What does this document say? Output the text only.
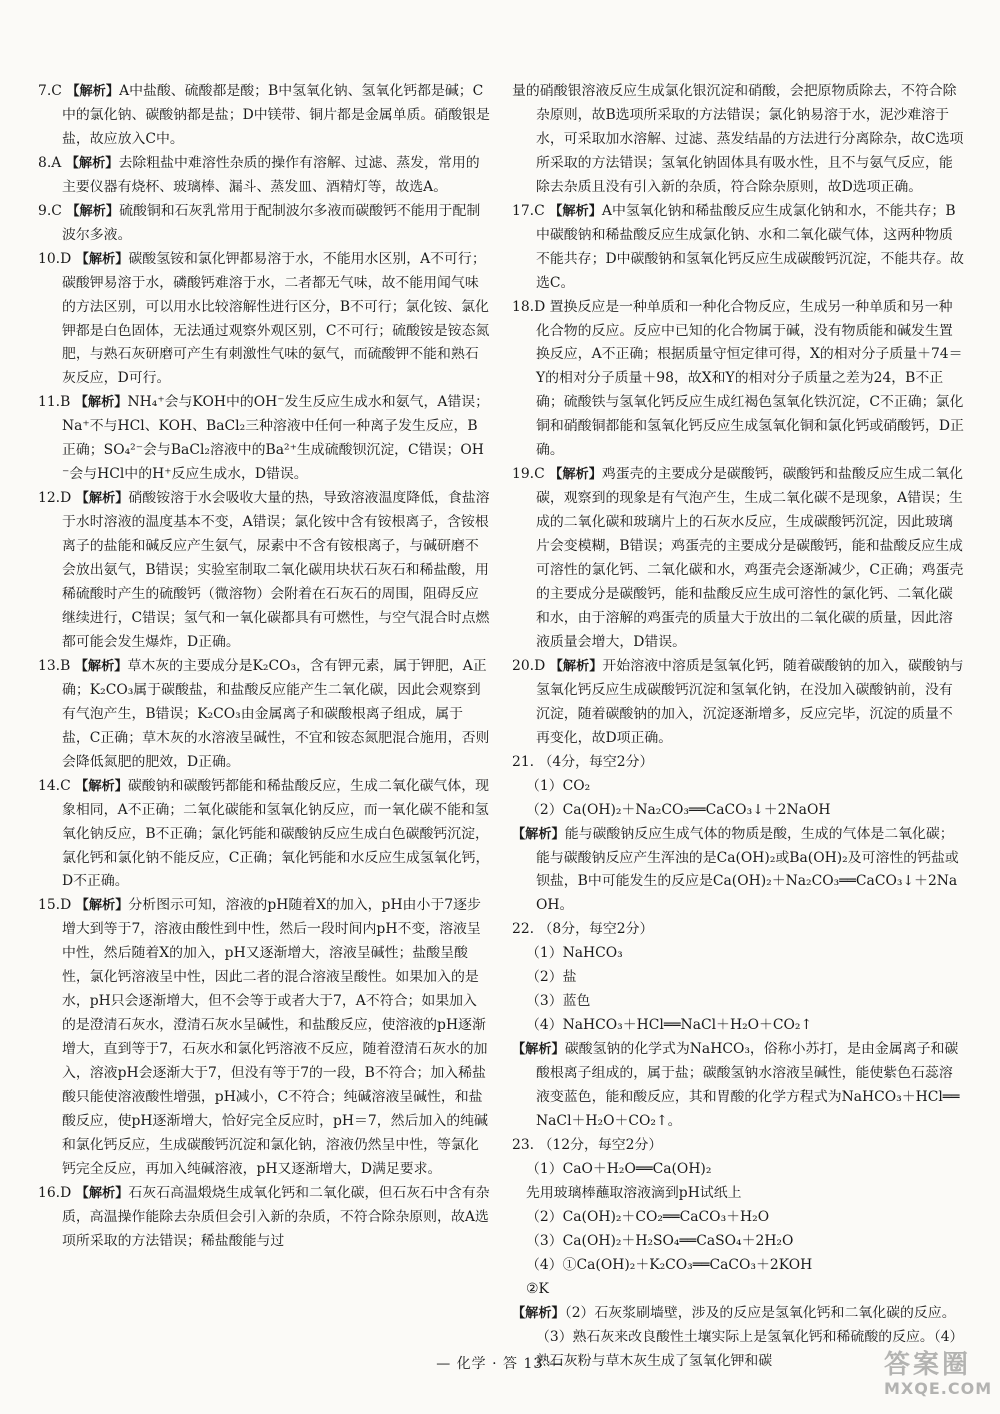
7.C 【解析】A中盐酸、硫酸都是酸；B中氢氧化钠、氢氧化钙都是碱；C中的氯化钠、碳酸钠都是盐；D中镁带、铜片都是金属单质。硝酸银是盐，故应放入C中。
8.A 【解析】去除粗盐中难溶性杂质的操作有溶解、过滤、蒸发，常用的主要仪器有烧杯、玻璃棒、漏斗、蒸发皿、酒精灯等，故选A。
9.C 【解析】硫酸铜和石灰乳常用于配制波尔多液而碳酸钙不能用于配制波尔多液。
10.D 【解析】碳酸氢铵和氯化钾都易溶于水，不能用水区别，A不可行；碳酸钾易溶于水，磷酸钙难溶于水，二者都无气味，故不能用闻气味的方法区别，可以用水比较溶解性进行区分，B不可行；氯化铵、氯化钾都是白色固体，无法通过观察外观区别，C不可行；硫酸铵是铵态氮肥，与熟石灰研磨可产生有刺激性气味的氨气，而硫酸钾不能和熟石灰反应，D可行。
11.B 【解析】NH₄⁺会与KOH中的OH⁻发生反应生成水和氨气，A错误；Na⁺不与HCl、KOH、BaCl₂三种溶液中任何一种离子发生反应，B正确；SO₄²⁻会与BaCl₂溶液中的Ba²⁺生成硫酸钡沉淀，C错误；OH⁻会与HCl中的H⁺反应生成水，D错误。
12.D 【解析】硝酸铵溶于水会吸收大量的热，导致溶液温度降低，食盐溶于水时溶液的温度基本不变，A错误；氯化铵中含有铵根离子，含铵根离子的盐能和碱反应产生氨气，尿素中不含有铵根离子，与碱研磨不会放出氨气，B错误；实验室制取二氧化碳用块状石灰石和稀盐酸，用稀硫酸时产生的硫酸钙（微溶物）会附着在石灰石的周围，阻碍反应继续进行，C错误；氢气和一氧化碳都具有可燃性，与空气混合时点燃都可能会发生爆炸，D正确。
13.B 【解析】草木灰的主要成分是K₂CO₃，含有钾元素，属于钾肥，A正确；K₂CO₃属于碳酸盐，和盐酸反应能产生二氧化碳，因此会观察到有气泡产生，B错误；K₂CO₃由金属离子和碳酸根离子组成，属于盐，C正确；草木灰的水溶液呈碱性，不宜和铵态氮肥混合施用，否则会降低氮肥的肥效，D正确。
14.C 【解析】碳酸钠和碳酸钙都能和稀盐酸反应，生成二氧化碳气体，现象相同，A不正确；二氧化碳能和氢氧化钠反应，而一氧化碳不能和氢氧化钠反应，B不正确；氯化钙能和碳酸钠反应生成白色碳酸钙沉淀，氯化钙和氯化钠不能反应，C正确；氧化钙能和水反应生成氢氧化钙，D不正确。
15.D 【解析】分析图示可知，溶液的pH随着X的加入，pH由小于7逐步增大到等于7，溶液由酸性到中性，然后一段时间内pH不变，溶液呈中性，然后随着X的加入，pH又逐渐增大，溶液呈碱性；盐酸呈酸性，氯化钙溶液呈中性，因此二者的混合溶液呈酸性。如果加入的是水，pH只会逐渐增大，但不会等于或者大于7，A不符合；如果加入的是澄清石灰水，澄清石灰水呈碱性，和盐酸反应，使溶液的pH逐渐增大，直到等于7，石灰水和氯化钙溶液不反应，随着澄清石灰水的加入，溶液pH会逐渐大于7，但没有等于7的一段，B不符合；加入稀盐酸只能使溶液酸性增强，pH减小，C不符合；纯碱溶液呈碱性，和盐酸反应，使pH逐渐增大，恰好完全反应时，pH＝7，然后加入的纯碱和氯化钙反应，生成碳酸钙沉淀和氯化钠，溶液仍然呈中性，等氯化钙完全反应，再加入纯碱溶液，pH又逐渐增大，D满足要求。
16.D 【解析】石灰石高温煅烧生成氧化钙和二氧化碳，但石灰石中含有杂质，高温操作能除去杂质但会引入新的杂质，不符合除杂原则，故A选项所采取的方法错误；稀盐酸能与过
量的硝酸银溶液反应生成氯化银沉淀和硝酸，会把原物质除去，不符合除杂原则，故B选项所采取的方法错误；氯化钠易溶于水，泥沙难溶于水，可采取加水溶解、过滤、蒸发结晶的方法进行分离除杂，故C选项所采取的方法错误；氢氧化钠固体具有吸水性，且不与氨气反应，能除去杂质且没有引入新的杂质，符合除杂原则，故D选项正确。
17.C 【解析】A中氢氧化钠和稀盐酸反应生成氯化钠和水，不能共存；B中碳酸钠和稀盐酸反应生成氯化钠、水和二氧化碳气体，这两种物质不能共存；D中碳酸钠和氢氧化钙反应生成碳酸钙沉淀，不能共存。故选C。
18.D 置换反应是一种单质和一种化合物反应，生成另一种单质和另一种化合物的反应。反应中已知的化合物属于碱，没有物质能和碱发生置换反应，A不正确；根据质量守恒定律可得，X的相对分子质量＋74＝Y的相对分子质量＋98，故X和Y的相对分子质量之差为24，B不正确；硫酸铁与氢氧化钙反应生成红褐色氢氧化铁沉淀，C不正确；氯化铜和硝酸铜都能和氢氧化钙反应生成氢氧化铜和氯化钙或硝酸钙，D正确。
19.C 【解析】鸡蛋壳的主要成分是碳酸钙，碳酸钙和盐酸反应生成二氧化碳，观察到的现象是有气泡产生，生成二氧化碳不是现象，A错误；生成的二氧化碳和玻璃片上的石灰水反应，生成碳酸钙沉淀，因此玻璃片会变模糊，B错误；鸡蛋壳的主要成分是碳酸钙，能和盐酸反应生成可溶性的氯化钙、二氧化碳和水，鸡蛋壳会逐渐减少，C正确；鸡蛋壳的主要成分是碳酸钙，能和盐酸反应生成可溶性的氯化钙、二氧化碳和水，由于溶解的鸡蛋壳的质量大于放出的二氧化碳的质量，因此溶液质量会增大，D错误。
20.D 【解析】开始溶液中溶质是氢氧化钙，随着碳酸钠的加入，碳酸钠与氢氧化钙反应生成碳酸钙沉淀和氢氧化钠，在没加入碳酸钠前，没有沉淀，随着碳酸钠的加入，沉淀逐渐增多，反应完毕，沉淀的质量不再变化，故D项正确。
21. （4分，每空2分）
（1）CO₂
（2）Ca(OH)₂＋Na₂CO₃══CaCO₃↓＋2NaOH
【解析】能与碳酸钠反应生成气体的物质是酸，生成的气体是二氧化碳；能与碳酸钠反应产生浑浊的是Ca(OH)₂或Ba(OH)₂及可溶性的钙盐或钡盐，B中可能发生的反应是Ca(OH)₂＋Na₂CO₃══CaCO₃↓＋2NaOH。
22. （8分，每空2分）
（1）NaHCO₃
（2）盐
（3）蓝色
（4）NaHCO₃＋HCl══NaCl＋H₂O＋CO₂↑
【解析】碳酸氢钠的化学式为NaHCO₃，俗称小苏打，是由金属离子和碳酸根离子组成的，属于盐；碳酸氢钠水溶液呈碱性，能使紫色石蕊溶液变蓝色，能和酸反应，其和胃酸的化学方程式为NaHCO₃＋HCl══NaCl＋H₂O＋CO₂↑。
23. （12分，每空2分）
（1）CaO＋H₂O══Ca(OH)₂
先用玻璃棒蘸取溶液滴到pH试纸上
（2）Ca(OH)₂＋CO₂══CaCO₃＋H₂O
（3）Ca(OH)₂＋H₂SO₄══CaSO₄＋2H₂O
（4）①Ca(OH)₂＋K₂CO₃══CaCO₃＋2KOH
②K
【解析】（2）石灰浆刷墙壁，涉及的反应是氢氧化钙和二氧化碳的反应。（3）熟石灰来改良酸性土壤实际上是氢氧化钙和稀硫酸的反应。（4）熟石灰粉与草木灰生成了氢氧化钾和碳
— 化学 · 答 13 —	答案圈
MXQE.COM
